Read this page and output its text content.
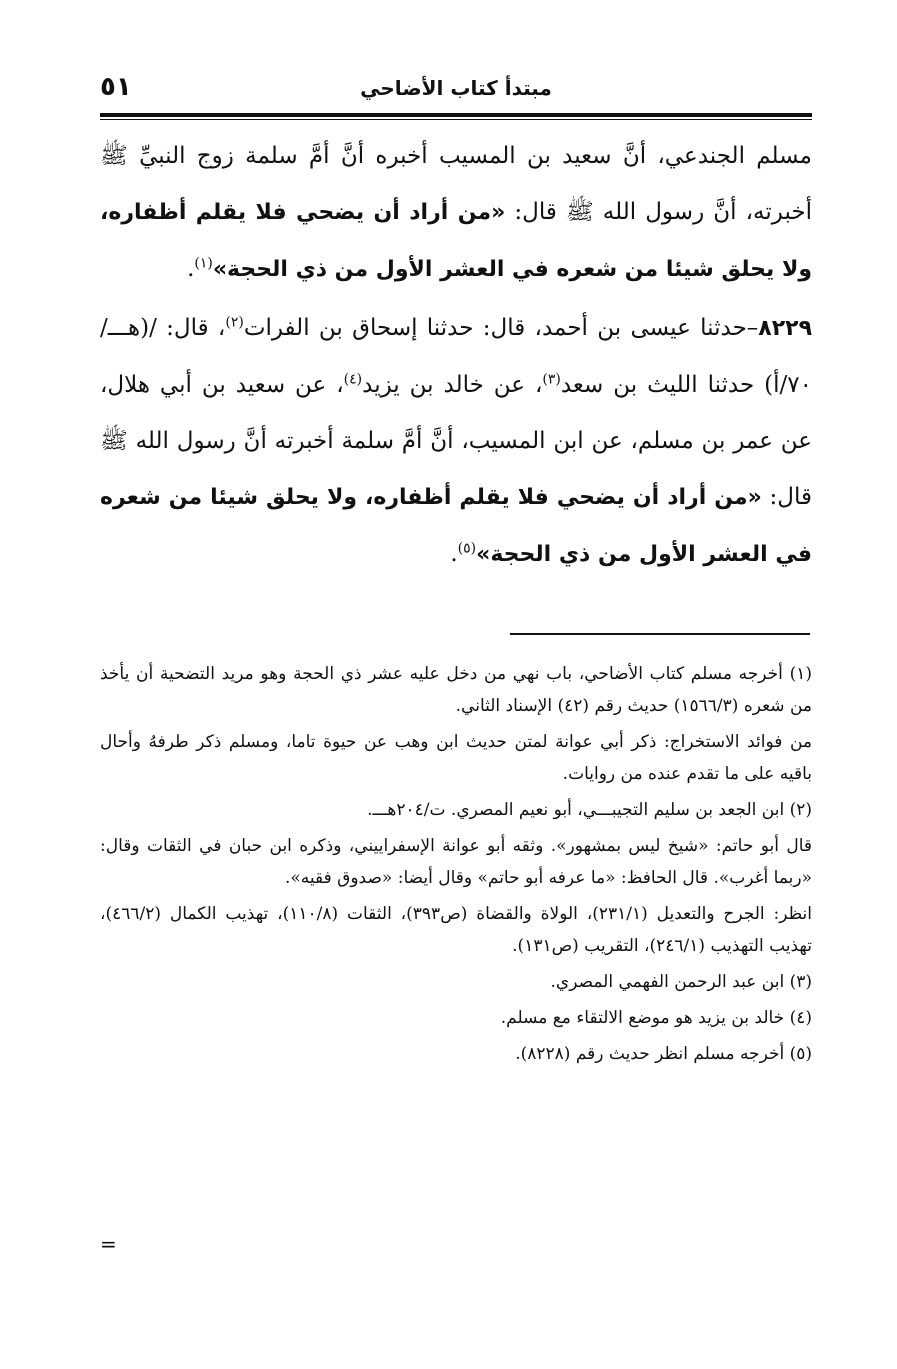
مبتدأ كتاب الأضاحي
٥١

مسلم الجندعي، أنَّ سعيد بن المسيب أخبره أنَّ أمَّ سلمة زوج النبيِّ ﷺ أخبرته، أنَّ رسول الله ﷺ قال: «من أراد أن يضحي فلا يقلم أظفاره، ولا يحلق شيئا من شعره في العشر الأول من ذي الحجة»$^{(١)}$.

٨٢٢٩–حدثنا عيسى بن أحمد، قال: حدثنا إسحاق بن الفرات$^{(٢)}$، قال: /(هـــ/٧٠/أ) حدثنا الليث بن سعد$^{(٣)}$، عن خالد بن يزيد$^{(٤)}$، عن سعيد بن أبي هلال، عن عمر بن مسلم، عن ابن المسيب، أنَّ أمَّ سلمة أخبرته أنَّ رسول الله ﷺ قال: «من أراد أن يضحي فلا يقلم أظفاره، ولا يحلق شيئا من شعره في العشر الأول من ذي الحجة»$^{(٥)}$.

(١) أخرجه مسلم كتاب الأضاحي، باب نهي من دخل عليه عشر ذي الحجة وهو مريد التضحية أن يأخذ من شعره (١٥٦٦/٣) حديث رقم (٤٢) الإسناد الثاني.

من فوائد الاستخراج: ذكر أبي عوانة لمتن حديث ابن وهب عن حيوة تاما، ومسلم ذكر طرفهُ وأحال باقيه على ما تقدم عنده من روايات.

(٢) ابن الجعد بن سليم التجيبـــي، أبو نعيم المصري. ت/٢٠٤هـــ.

قال أبو حاتم: «شيخ ليس بمشهور». وثقه أبو عوانة الإسفراييني، وذكره ابن حبان في الثقات وقال: «ربما أغرب». قال الحافظ: «ما عرفه أبو حاتم» وقال أيضا: «صدوق فقيه».

انظر: الجرح والتعديل (٢٣١/١)، الولاة والقضاة (ص٣٩٣)، الثقات (١١٠/٨)، تهذيب الكمال (٤٦٦/٢)، تهذيب التهذيب (٢٤٦/١)، التقريب (ص١٣١).

(٣) ابن عبد الرحمن الفهمي المصري.

(٤) خالد بن يزيد هو موضع الالتقاء مع مسلم.

(٥) أخرجه مسلم انظر حديث رقم (٨٢٢٨).

=
